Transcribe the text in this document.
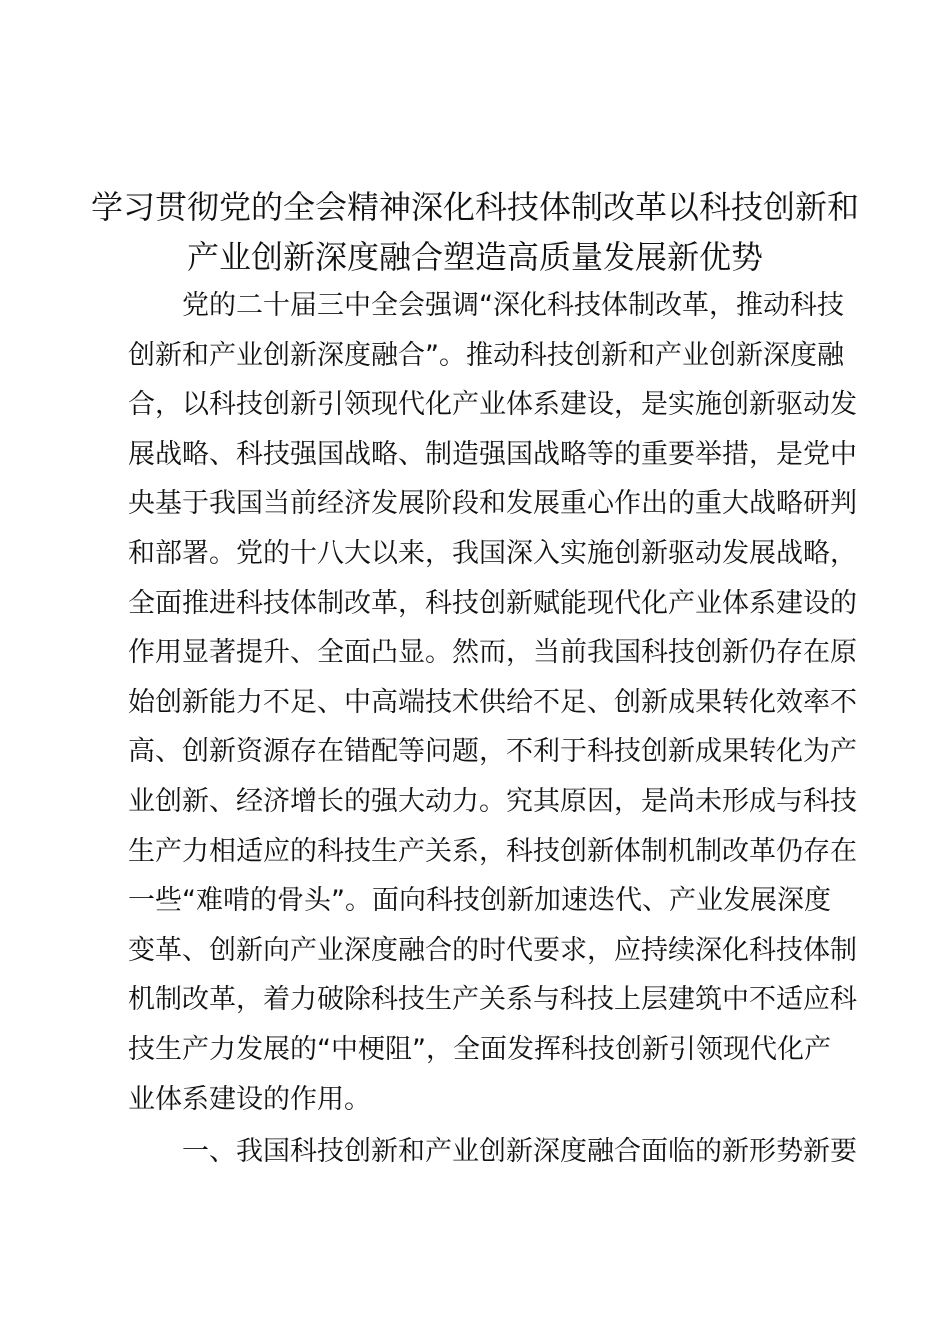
学习贯彻党的全会精神深化科技体制改革以科技创新和
产业创新深度融合塑造高质量发展新优势
党的二十届三中全会强调“深化科技体制改革，推动科技
创新和产业创新深度融合”。推动科技创新和产业创新深度融
合，以科技创新引领现代化产业体系建设，是实施创新驱动发
展战略、科技强国战略、制造强国战略等的重要举措，是党中
央基于我国当前经济发展阶段和发展重心作出的重大战略研判
和部署。党的十八大以来，我国深入实施创新驱动发展战略，
全面推进科技体制改革，科技创新赋能现代化产业体系建设的
作用显著提升、全面凸显。然而，当前我国科技创新仍存在原
始创新能力不足、中高端技术供给不足、创新成果转化效率不
高、创新资源存在错配等问题，不利于科技创新成果转化为产
业创新、经济增长的强大动力。究其原因，是尚未形成与科技
生产力相适应的科技生产关系，科技创新体制机制改革仍存在
一些“难啃的骨头”。面向科技创新加速迭代、产业发展深度
变革、创新向产业深度融合的时代要求，应持续深化科技体制
机制改革，着力破除科技生产关系与科技上层建筑中不适应科
技生产力发展的“中梗阻”，全面发挥科技创新引领现代化产
业体系建设的作用。
一、我国科技创新和产业创新深度融合面临的新形势新要
